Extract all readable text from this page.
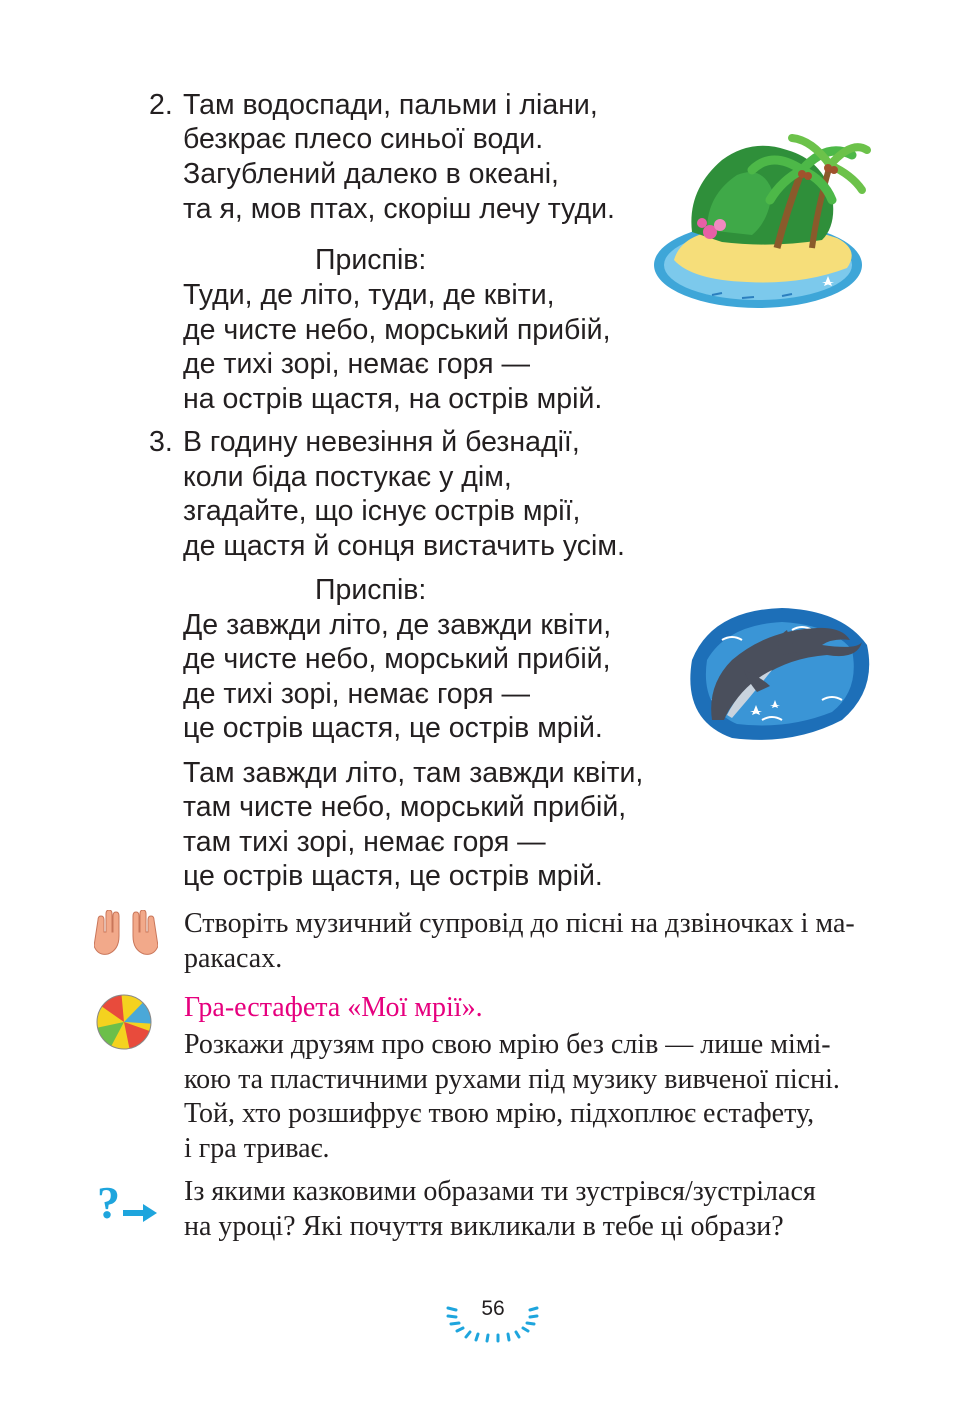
2. Там водоспади, пальми і ліани,
безкрає плесо синьої води.
Загублений далеко в океані,
та я, мов птах, скоріш лечу туди.
Приспів:
Туди, де літо, туди, де квіти,
де чисте небо, морський прибій,
де тихі зорі, немає горя —
на острів щастя, на острів мрій.
3. В годину невезіння й безнадії,
коли біда постукає у дім,
згадайте, що існує острів мрії,
де щастя й сонця вистачить усім.
Приспів:
Де завжди літо, де завжди квіти,
де чисте небо, морський прибій,
де тихі зорі, немає горя —
це острів щастя, це острів мрій.
Там завжди літо, там завжди квіти,
там чисте небо, морський прибій,
там тихі зорі, немає горя —
це острів щастя, це острів мрій.
Створіть музичний супровід до пісні на дзвіночках і ма-
ракасах.
Гра-естафета «Мої мрії».
Розкажи друзям про свою мрію без слів — лише мімі-
кою та пластичними рухами під музику вивченої пісні.
Той, хто розшифрує твою мрію, підхоплює естафету,
і гра триває.
? Із якими казковими образами ти зустрівся/зустрілася
на уроці? Які почуття викликали в тебе ці образи?
56
